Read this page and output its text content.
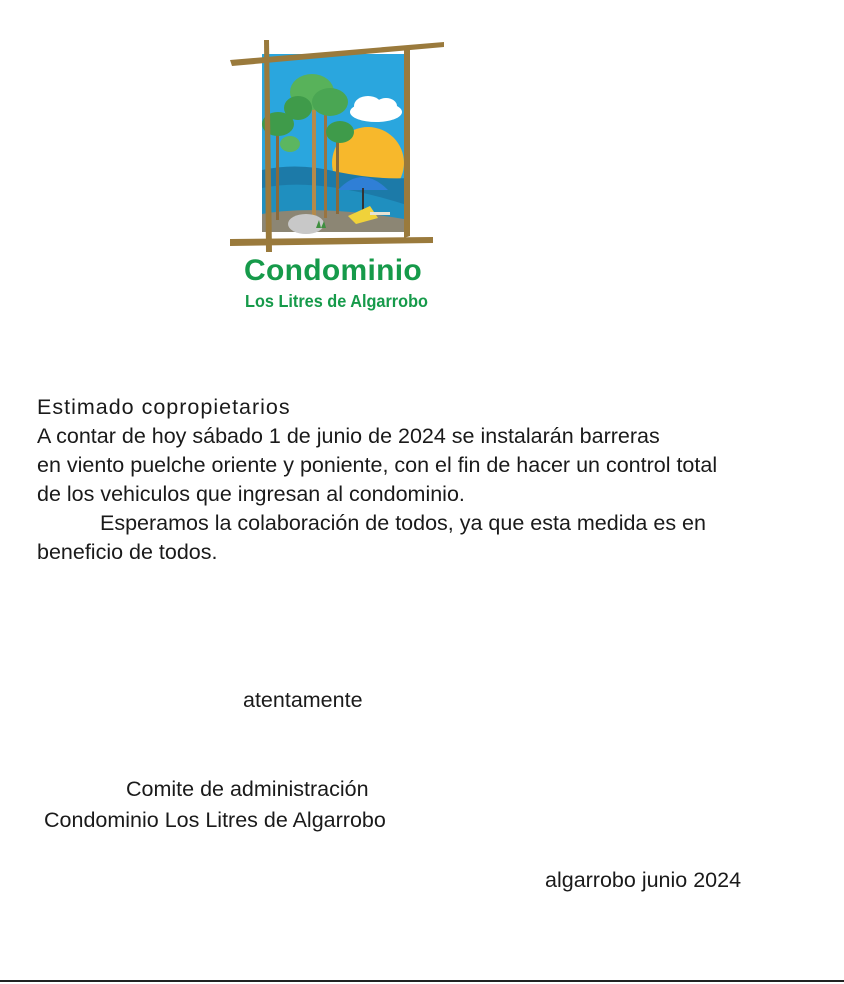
Condominio
Los Litres de Algarrobo
Estimado copropietarios
A contar de hoy sábado 1 de junio de 2024 se instalarán barreras
en viento puelche oriente y poniente, con el fin de hacer un control total
de los vehiculos que ingresan al condominio.
Esperamos la colaboración de todos, ya que esta medida es en
beneficio de todos.
atentamente
Comite de administración
Condominio Los Litres de Algarrobo
algarrobo junio 2024
